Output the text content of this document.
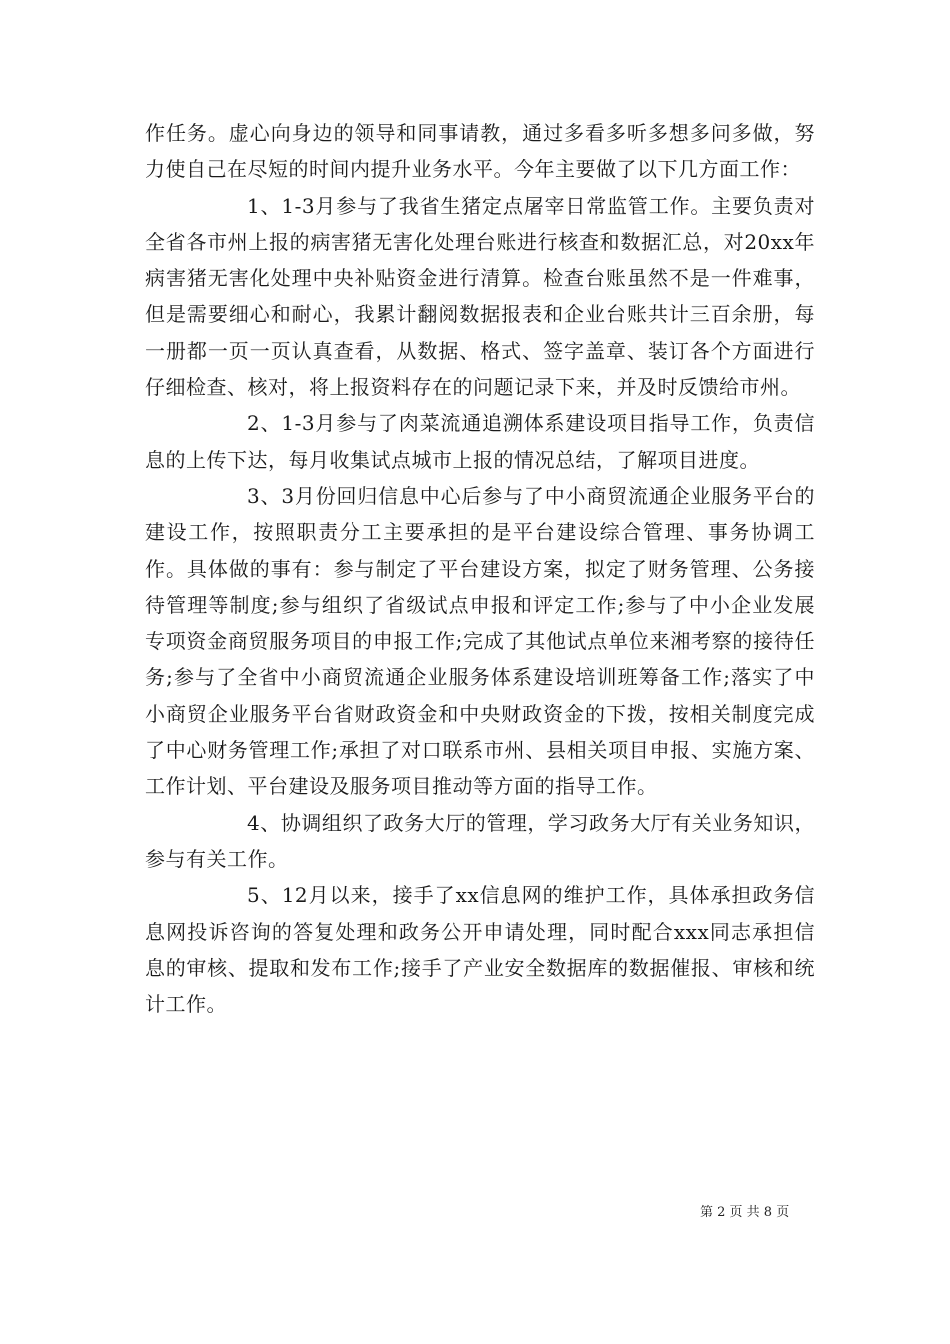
作任务。虚心向身边的领导和同事请教，通过多看多听多想多问多做，努力使自己在尽短的时间内提升业务水平。今年主要做了以下几方面工作：

1、1-3月参与了我省生猪定点屠宰日常监管工作。主要负责对全省各市州上报的病害猪无害化处理台账进行核查和数据汇总，对20xx年病害猪无害化处理中央补贴资金进行清算。检查台账虽然不是一件难事，但是需要细心和耐心，我累计翻阅数据报表和企业台账共计三百余册，每一册都一页一页认真查看，从数据、格式、签字盖章、装订各个方面进行仔细检查、核对，将上报资料存在的问题记录下来，并及时反馈给市州。

2、1-3月参与了肉菜流通追溯体系建设项目指导工作，负责信息的上传下达，每月收集试点城市上报的情况总结，了解项目进度。

3、3月份回归信息中心后参与了中小商贸流通企业服务平台的建设工作，按照职责分工主要承担的是平台建设综合管理、事务协调工作。具体做的事有：参与制定了平台建设方案，拟定了财务管理、公务接待管理等制度;参与组织了省级试点申报和评定工作;参与了中小企业发展专项资金商贸服务项目的申报工作;完成了其他试点单位来湘考察的接待任务;参与了全省中小商贸流通企业服务体系建设培训班筹备工作;落实了中小商贸企业服务平台省财政资金和中央财政资金的下拨，按相关制度完成了中心财务管理工作;承担了对口联系市州、县相关项目申报、实施方案、工作计划、平台建设及服务项目推动等方面的指导工作。

4、协调组织了政务大厅的管理，学习政务大厅有关业务知识，参与有关工作。

5、12月以来，接手了xx信息网的维护工作，具体承担政务信息网投诉咨询的答复处理和政务公开申请处理，同时配合xxx同志承担信息的审核、提取和发布工作;接手了产业安全数据库的数据催报、审核和统计工作。

第 2 页 共 8 页
